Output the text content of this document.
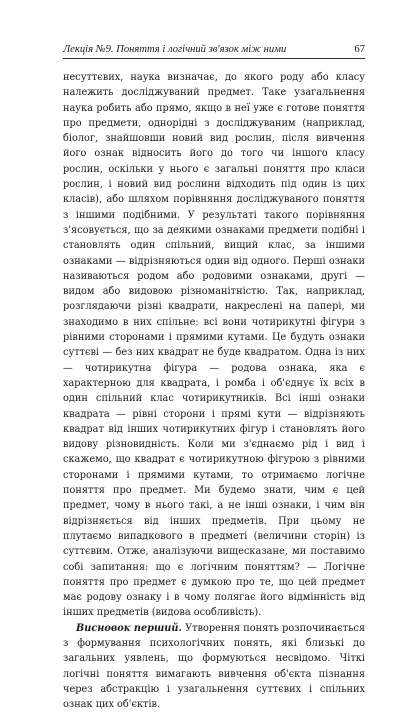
Лекція №9. Поняття і логічний зв'язок між ними	67

несуттєвих, наука визначає, до якого роду або класу належить досліджуваний предмет. Таке узагальнення наука робить або прямо, якщо в неї уже є готове поняття про предмети, однорідні з досліджуваним (наприклад, біолог, знайшовши новий вид рослин, після вивчення його ознак відносить його до того чи іншого класу рослин, оскільки у нього є загальні поняття про класи рослин, і новий вид рослини відходить під один із цих класів), або шляхом порівняння досліджуваного поняття з іншими подібними. У результаті такого порівняння з'ясовується, що за деякими ознаками предмети подібні і становлять один спільний, вищий клас, за іншими ознаками — відрізняються один від одного. Перші ознаки називаються родом або родовими ознаками, другі — видом або видовою різноманітністю. Так, наприклад, розглядаючи різні квадрати, накреслені на папері, ми знаходимо в них спільне: всі вони чотирикутні фігури з рівними сторонами і прямими кутами. Це будуть ознаки суттєві — без них квадрат не буде квадратом. Одна із них — чотирикутна фігура — родова ознака, яка є характерною для квадрата, і ромба і об'єднує їх всіх в один спільний клас чотирикутників. Всі інші ознаки квадрата — рівні сторони і прямі кути — відрізняють квадрат від інших чотирикутних фігур і становлять його видову різновидність. Коли ми з'єднаємо рід і вид і скажемо, що квадрат є чотирикутною фігурою з рівними сторонами і прямими кутами, то отримаємо логічне поняття про предмет. Ми будемо знати, чим є цей предмет, чому в нього такі, а не інші ознаки, і чим він відрізняється від інших предметів. При цьому не плутаємо випадкового в предметі (величини сторін) із суттєвим. Отже, аналізуючи вищесказане, ми поставимо собі запитання: що є логічним поняттям? — Логічне поняття про предмет є думкою про те, що цей предмет має родову ознаку і в чому полягає його відмінність від інших предметів (видова особливість).

Висновок перший. Утворення понять розпочинається з формування психологічних понять, які близькі до загальних уявлень, що формуються несвідомо. Чіткі логічні поняття вимагають вивчення об'єкта пізнання через абстракцію і узагальнення суттєвих і спільних ознак цих об'єктів.
